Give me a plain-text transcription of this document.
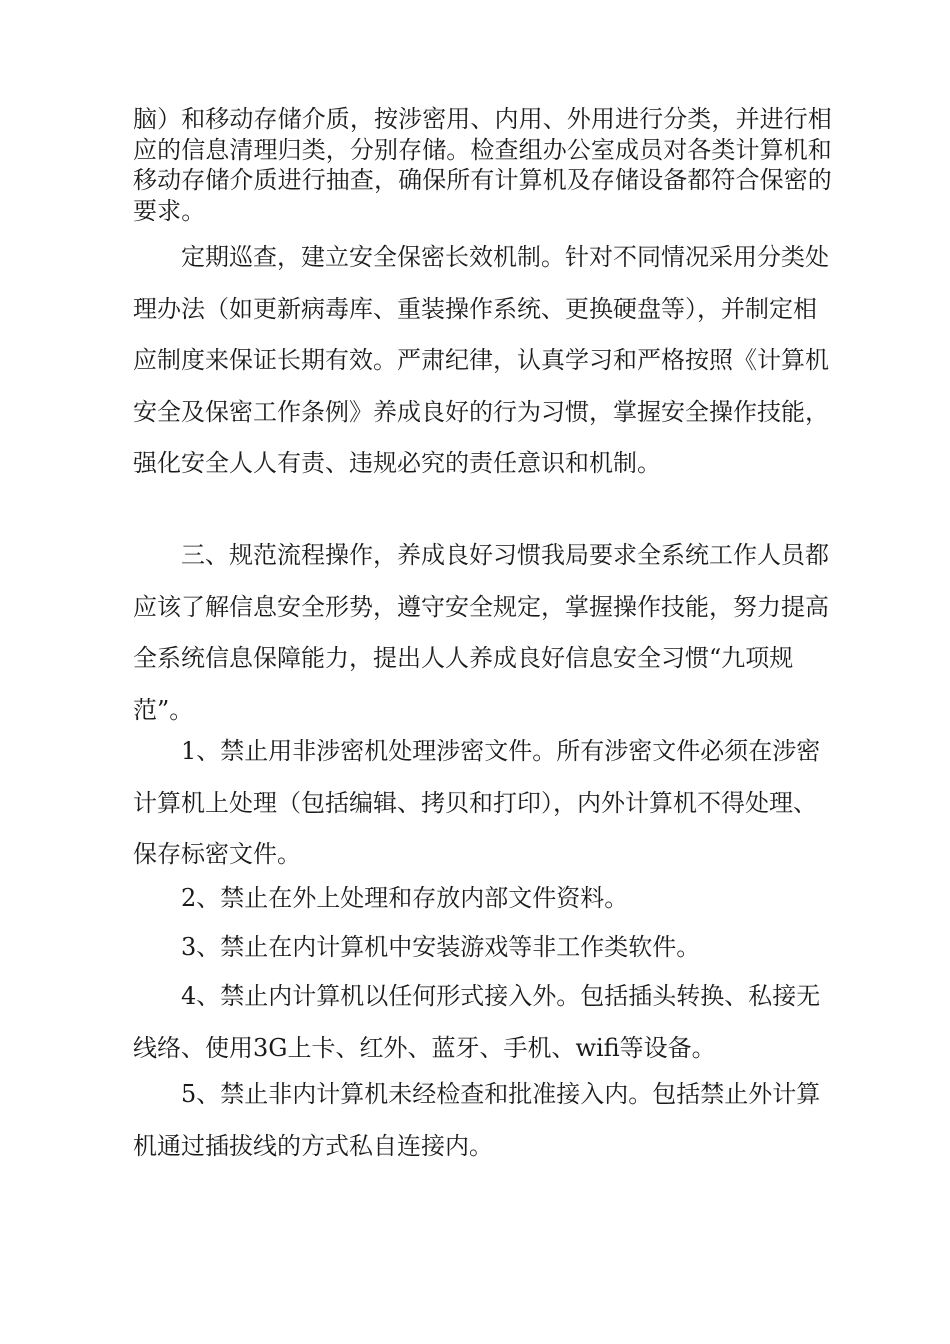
脑）和移动存储介质，按涉密用、内用、外用进行分类，并进行相应的信息清理归类，分别存储。检查组办公室成员对各类计算机和移动存储介质进行抽查，确保所有计算机及存储设备都符合保密的要求。

定期巡查，建立安全保密长效机制。针对不同情况采用分类处理办法（如更新病毒库、重装操作系统、更换硬盘等），并制定相应制度来保证长期有效。严肃纪律，认真学习和严格按照《计算机安全及保密工作条例》养成良好的行为习惯，掌握安全操作技能，强化安全人人有责、违规必究的责任意识和机制。

三、规范流程操作，养成良好习惯我局要求全系统工作人员都应该了解信息安全形势，遵守安全规定，掌握操作技能，努力提高全系统信息保障能力，提出人人养成良好信息安全习惯“九项规范”。

1、禁止用非涉密机处理涉密文件。所有涉密文件必须在涉密计算机上处理（包括编辑、拷贝和打印），内外计算机不得处理、保存标密文件。

2、禁止在外上处理和存放内部文件资料。

3、禁止在内计算机中安装游戏等非工作类软件。

4、禁止内计算机以任何形式接入外。包括插头转换、私接无线络、使用3G上卡、红外、蓝牙、手机、wifi等设备。

5、禁止非内计算机未经检查和批准接入内。包括禁止外计算机通过插拔线的方式私自连接内。
